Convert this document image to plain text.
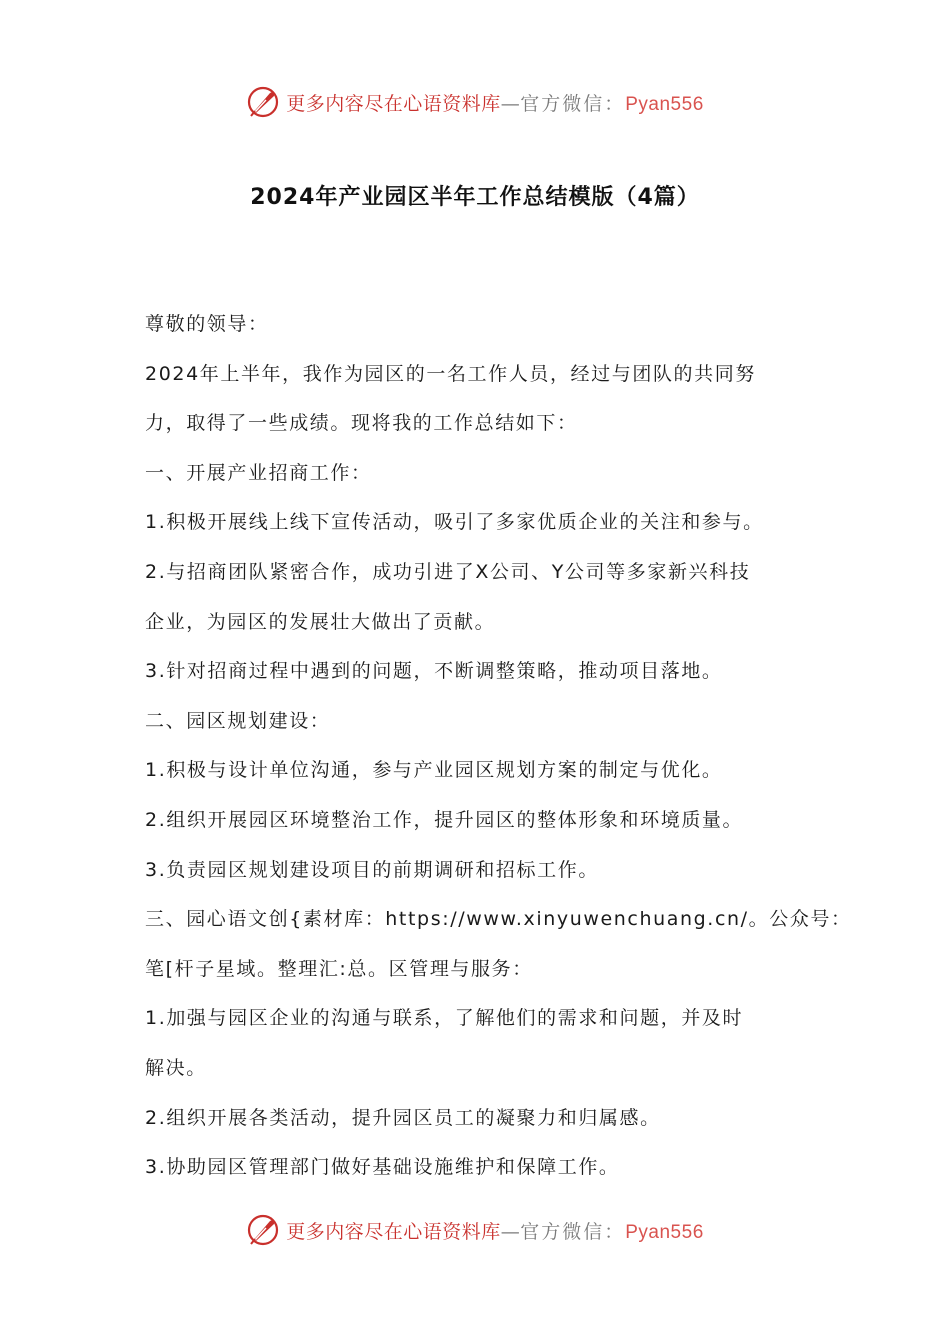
更多内容尽在心语资料库—官方微信：Pyan556
2024年产业园区半年工作总结模版（4篇）

尊敬的领导：

2024年上半年，我作为园区的一名工作人员，经过与团队的共同努

力，取得了一些成绩。现将我的工作总结如下：

一、开展产业招商工作：

1.积极开展线上线下宣传活动，吸引了多家优质企业的关注和参与。

2.与招商团队紧密合作，成功引进了X公司、Y公司等多家新兴科技

企业，为园区的发展壮大做出了贡献。

3.针对招商过程中遇到的问题，不断调整策略，推动项目落地。

二、园区规划建设：

1.积极与设计单位沟通，参与产业园区规划方案的制定与优化。

2.组织开展园区环境整治工作，提升园区的整体形象和环境质量。

3.负责园区规划建设项目的前期调研和招标工作。

三、园心语文创{素材库：https://www.xinyuwenchuang.cn/。公众号：

笔[杆子星域。整理汇:总。区管理与服务：

1.加强与园区企业的沟通与联系，了解他们的需求和问题，并及时

解决。

2.组织开展各类活动，提升园区员工的凝聚力和归属感。

3.协助园区管理部门做好基础设施维护和保障工作。

更多内容尽在心语资料库—官方微信：Pyan556
